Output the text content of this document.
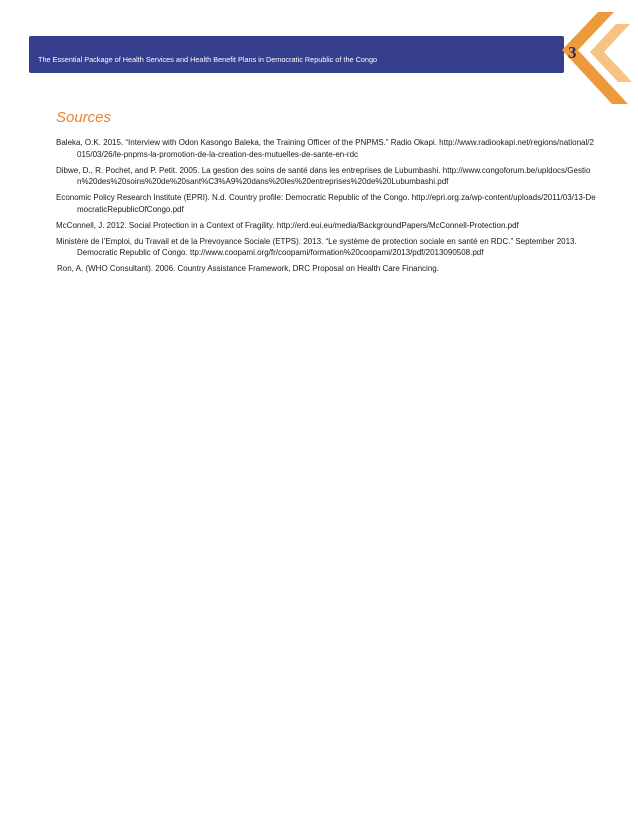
The Essential Package of Health Services and Health Benefit Plans in Democratic Republic of the Congo	3
Sources

Baleka, O.K. 2015. “Interview with Odon Kasongo Baleka, the Training Officer of the PNPMS.” Radio Okapi. http://www.radiookapi.net/regions/national/2015/03/26/le-pnpms-la-promotion-de-la-creation-des-mutuelles-de-sante-en-rdc

Dibwe, D., R. Pochet, and P. Petit. 2005. La gestion des soins de santé dans les entreprises de Lubumbashi. http://www.congoforum.be/upldocs/Gestion%20des%20soins%20de%20sant%C3%A9%20dans%20les%20entreprises%20de%20Lubumbashi.pdf

Economic Policy Research Institute (EPRI). N.d. Country profile: Democratic Republic of the Congo. http://epri.org.za/wp-content/uploads/2011/03/13-DemocraticRepublicOfCongo.pdf

McConnell, J. 2012. Social Protection in a Context of Fragility. http://erd.eui.eu/media/BackgroundPapers/McConnell-Protection.pdf

Ministère de l’Emploi, du Travail et de la Prevoyance Sociale (ETPS). 2013. “Le système de protection sociale en santé en RDC.” September 2013. Democratic Republic of Congo. ttp://www.coopami.org/fr/coopami/formation%20coopami/2013/pdf/2013090508.pdf

Ron, A. (WHO Consultant). 2006. Country Assistance Framework, DRC Proposal on Health Care Financing.
